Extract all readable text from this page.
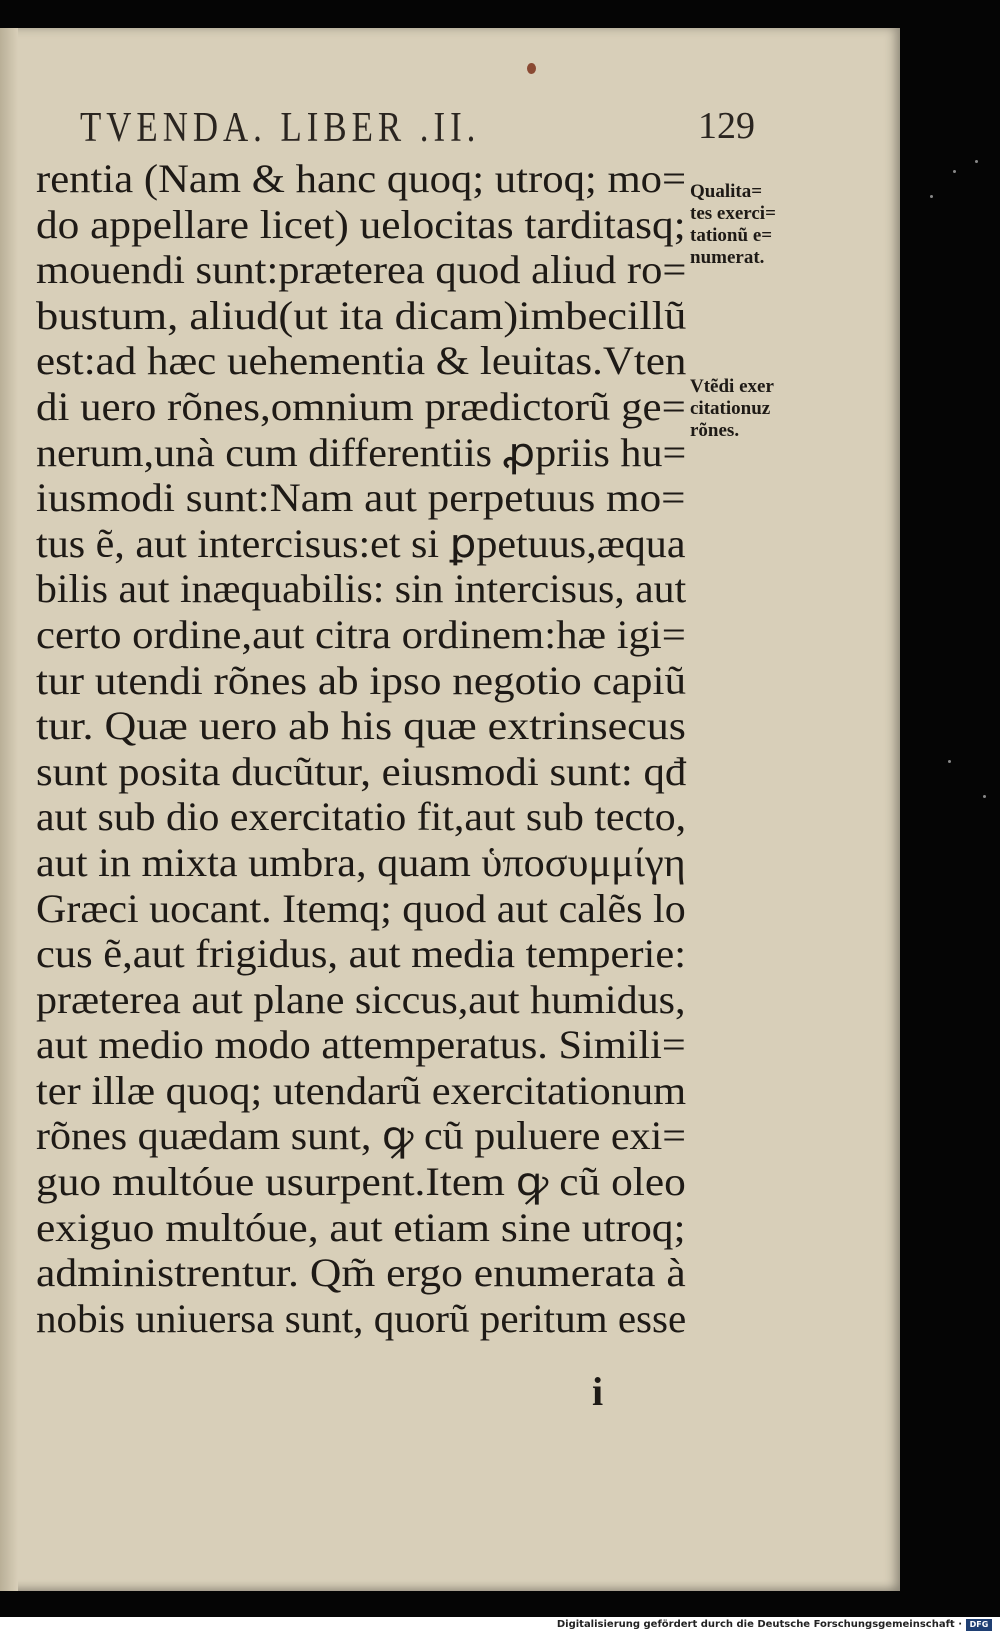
TVENDA. LIBER .II.	129
rentia (Nam & hanc quoq; utroq; mo=
do appellare licet) uelocitas tarditasq;
mouendi sunt:præterea quod aliud ro=
bustum, aliud(ut ita dicam)imbecillũ
est:ad hæc uehementia & leuitas.Vten
di uero rõnes,omnium prædictorũ ge=
nerum,unà cum differentiis ꝓpriis hu=
iusmodi sunt:Nam aut perpetuus mo=
tus ẽ, aut intercisus:et si ꝑpetuus,æqua
bilis aut inæquabilis: sin intercisus, aut
certo ordine,aut citra ordinem:hæ igi=
tur utendi rõnes ab ipso negotio capiũ
tur. Quæ uero ab his quæ extrinsecus
sunt posita ducũtur, eiusmodi sunt: qđ
aut sub dio exercitatio fit,aut sub tecto,
aut in mixta umbra, quam ὑποσυμμίγη
Græci uocant. Itemq; quod aut calẽs lo
cus ẽ,aut frigidus, aut media temperie:
præterea aut plane siccus,aut humidus,
aut medio modo attemperatus. Simili=
ter illæ quoq; utendarũ exercitationum
rõnes quædam sunt, ꝙ cũ puluere exi=
guo multóue usurpent.Item ꝙ cũ oleo
exiguo multóue, aut etiam sine utroq;
administrentur. Qm̃ ergo enumerata à
nobis uniuersa sunt, quorũ peritum esse
Qualita=
tes exerci=
tationũ e=
numerat.
Vtẽdi exer
citationuz
rõnes.
i
Digitalisierung gefördert durch die Deutsche Forschungsgemeinschaft · DFG
